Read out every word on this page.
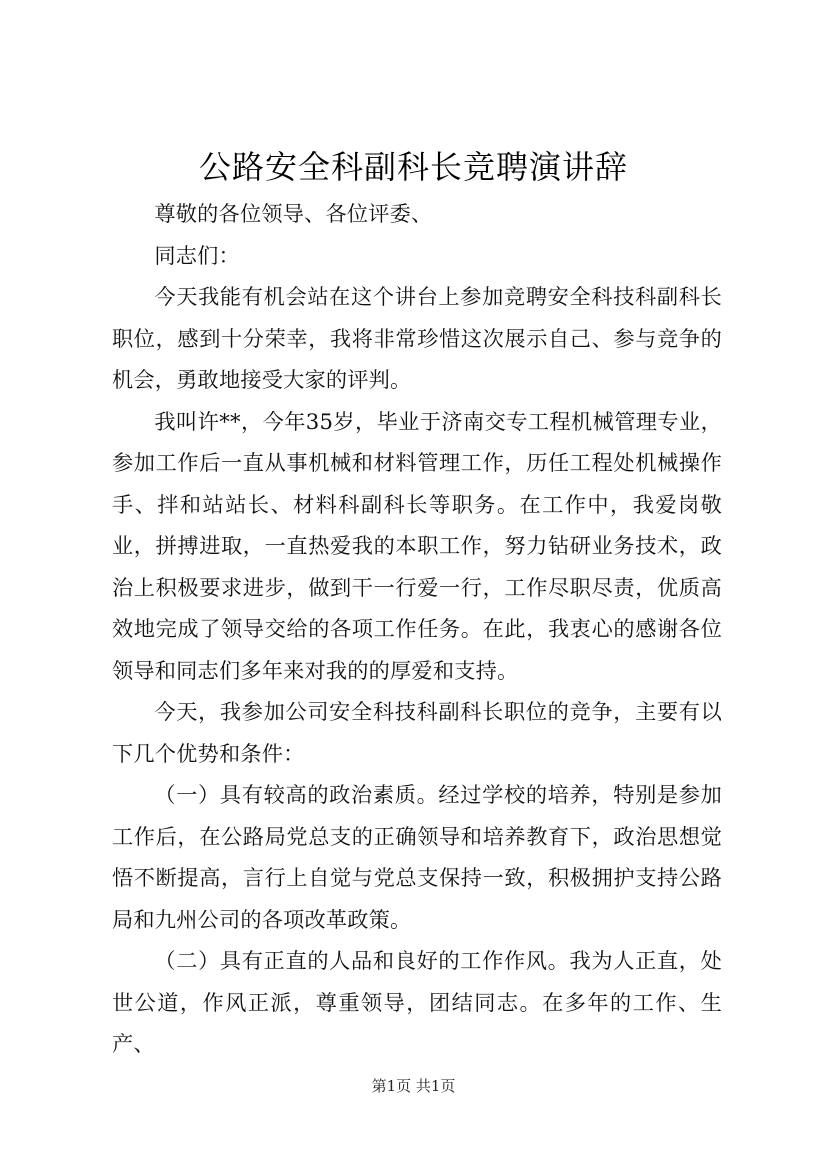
公路安全科副科长竞聘演讲辞

尊敬的各位领导、各位评委、

同志们：

今天我能有机会站在这个讲台上参加竞聘安全科技科副科长职位，感到十分荣幸，我将非常珍惜这次展示自己、参与竞争的机会，勇敢地接受大家的评判。

我叫许**，今年35岁，毕业于济南交专工程机械管理专业，参加工作后一直从事机械和材料管理工作，历任工程处机械操作手、拌和站站长、材料科副科长等职务。在工作中，我爱岗敬业，拼搏进取，一直热爱我的本职工作，努力钻研业务技术，政治上积极要求进步，做到干一行爱一行，工作尽职尽责，优质高效地完成了领导交给的各项工作任务。在此，我衷心的感谢各位领导和同志们多年来对我的的厚爱和支持。

今天，我参加公司安全科技科副科长职位的竞争，主要有以下几个优势和条件：

（一）具有较高的政治素质。经过学校的培养，特别是参加工作后，在公路局党总支的正确领导和培养教育下，政治思想觉悟不断提高，言行上自觉与党总支保持一致，积极拥护支持公路局和九州公司的各项改革政策。

（二）具有正直的人品和良好的工作作风。我为人正直，处世公道，作风正派，尊重领导，团结同志。在多年的工作、生产、

第1页 共1页
